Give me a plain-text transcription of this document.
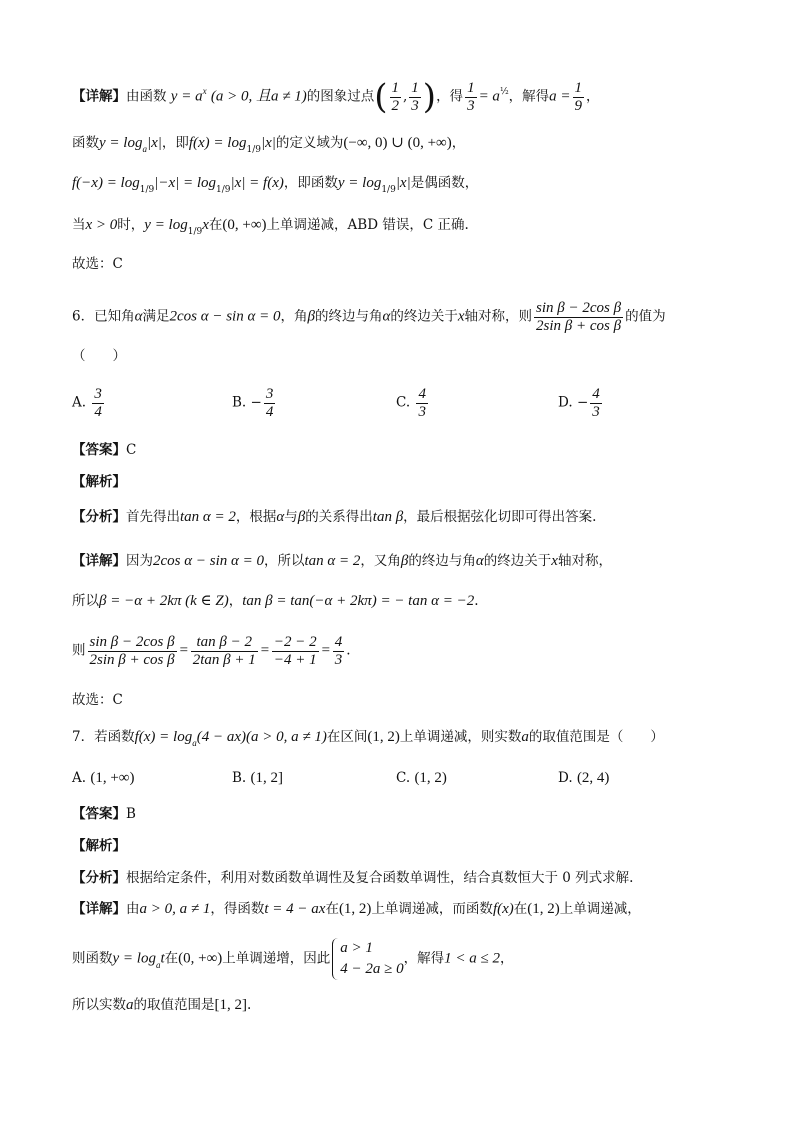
【详解】由函数 $y = a^x$ (a > 0, 且a ≠ 1)的图象过点( $\frac{1}{2}$ , $\frac{1}{3}$ )，得 $\frac{1}{3} = a^{\frac{1}{2}}$，解得$a = \frac{1}{9}$ ，
函数$y = \log_a|x|$，即$f(x) = \log_{1/9}|x|$的定义域为(−∞, 0) ∪ (0, +∞)，
$f(-x) = \log_{1/9}|-x| = \log_{1/9}|x| = f(x)$，即函数$y = \log_{1/9}|x|$是偶函数，
当x > 0时，$y = \log_{1/9}x$在(0, +∞)上单调递减，ABD 错误，C 正确.
故选：C
6．已知角α满足2cos α − sin α = 0，角β的终边与角α的终边关于x轴对称，则 $\frac{\text{sin β − 2cos β}}{\text{2sin β + cos β}}$ 的值为
（　　）
A. $\frac{3}{4}$	B. − $\frac{3}{4}$	C. $\frac{4}{3}$	D. − $\frac{4}{3}$
【答案】C
【解析】
【分析】首先得出tan α = 2，根据α与β的关系得出tan β，最后根据弦化切即可得出答案.
【详解】因为2cos α − sin α = 0，所以tan α = 2，又角β的终边与角α的终边关于x轴对称，
所以β = −α + 2kπ (k ∈ Z)，tan β = tan(−α + 2kπ) = − tan α = −2.
则 $\frac{\text{sin β − 2cos β}}{\text{2sin β + cos β}} = \frac{\text{tan β − 2}}{\text{2tan β + 1}} = \frac{-2 - 2}{-4 + 1} = \frac{4}{3}$ .
故选：C
7．若函数$f(x) = \log_a(4 - ax)(a > 0$, a ≠ 1)在区间(1, 2)上单调递减，则实数a的取值范围是（　　）
A. (1, +∞)	B. (1, 2]	C. (1, 2)	D. (2, 4)
【答案】B
【解析】
【分析】根据给定条件，利用对数函数单调性及复合函数单调性，结合真数恒大于 0 列式求解.
【详解】由a > 0, a ≠ 1，得函数t = 4 − ax在(1, 2)上单调递减，而函数f(x)在(1, 2)上单调递减，
则函数$y = \log_at$在(0, +∞)上单调递增，因此
a > 1
4 − 2a ≥ 0
，解得1 < a ≤ 2，
所以实数a的取值范围是[1, 2].
